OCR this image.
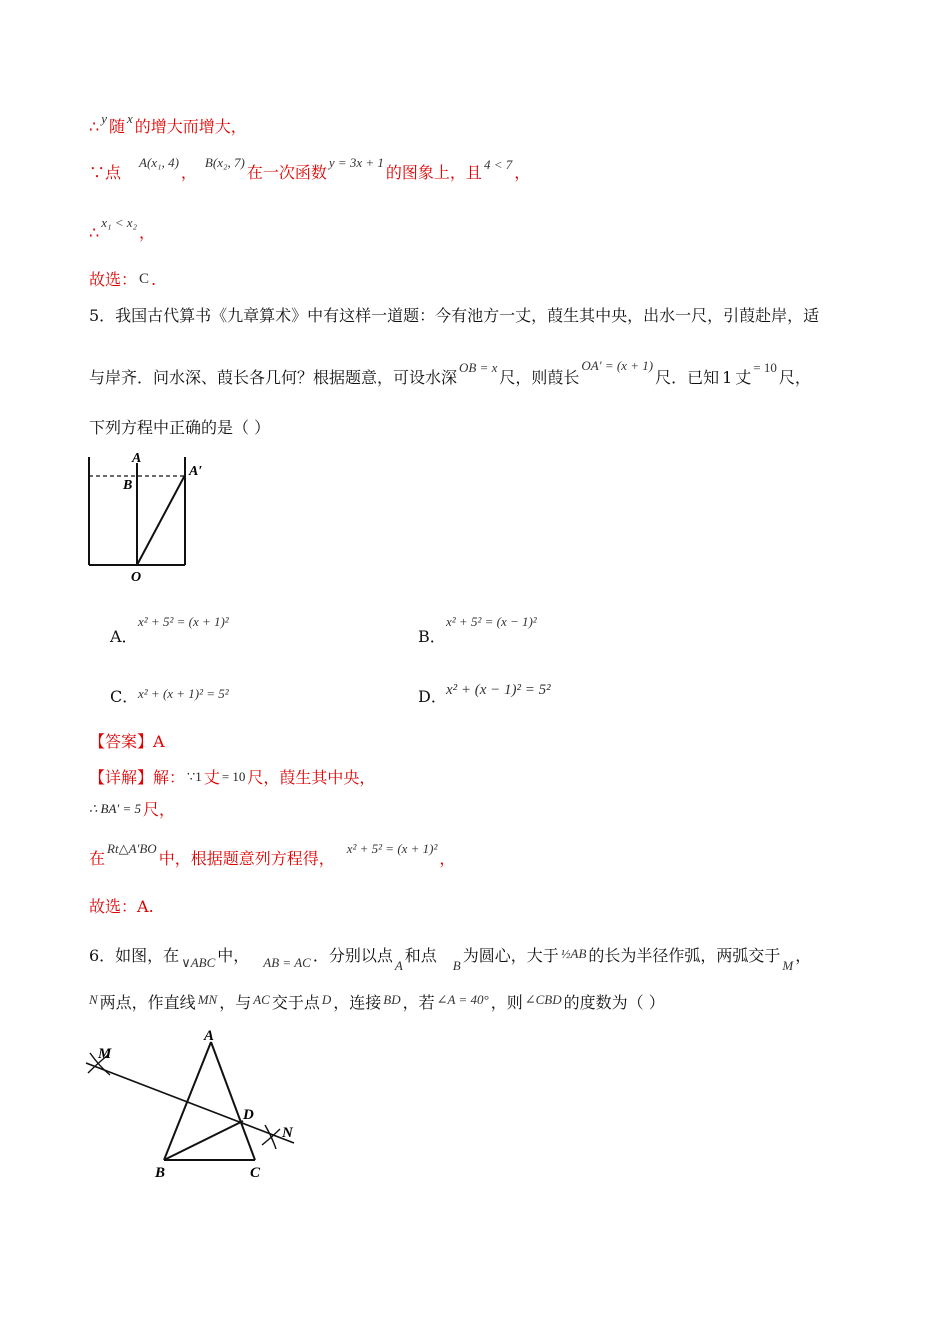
∴ $^y$ 随 $^x$ 的增大而增大，
∵点$^{A(x_1, 4)}$，$^{B(x_2, 7)}$在一次函数$^{y = 3x + 1}$的图象上，且 $^{4 < 7}$ ，
∴$^{x_1 < x_2}$，
故选： C .
5．我国古代算书《九章算术》中有这样一道题：今有池方一丈，葭生其中央，出水一尺，引葭赴岸，适
与岸齐．问水深、葭长各几何？根据题意，可设水深$^{OB = x}$尺，则葭长$^{OA' = (x + 1)}$尺．已知 1 丈$^{= 10}$尺，
下列方程中正确的是（ ）
A
A′
B
O
A．$^{x^2 + 5^2 = (x + 1)^2}$
B．$^{x^2 + 5^2 = (x - 1)^2}$
C．$^{x^2 + (x + 1)^2 = 5^2}$	D．x² + (x − 1)² = 5²
【答案】A
【详解】解： ∵1 丈 = 10 尺，葭生其中央，
∴ BA′ = 5 尺，
在$^{Rt\triangle A'BO}$中，根据题意列方程得，$^{x^2 + 5^2 = (x + 1)^2}$，
故选：A.
6．如图，在 $_{\vee ABC}$ 中， $_{AB = AC}$ ．分别以点$_A$和点$_B$为圆心，大于 ½AB 的长为半径作弧，两弧交于$_M$，
$^N$ 两点，作直线 $^{MN}$ ，与 $^{AC}$ 交于点 $^D$ ，连接 $^{BD}$ ，若 $^{\angle A = 40^\circ}$ ，则 $^{\angle CBD}$ 的度数为（ ）
A
B	C
D
M
N
